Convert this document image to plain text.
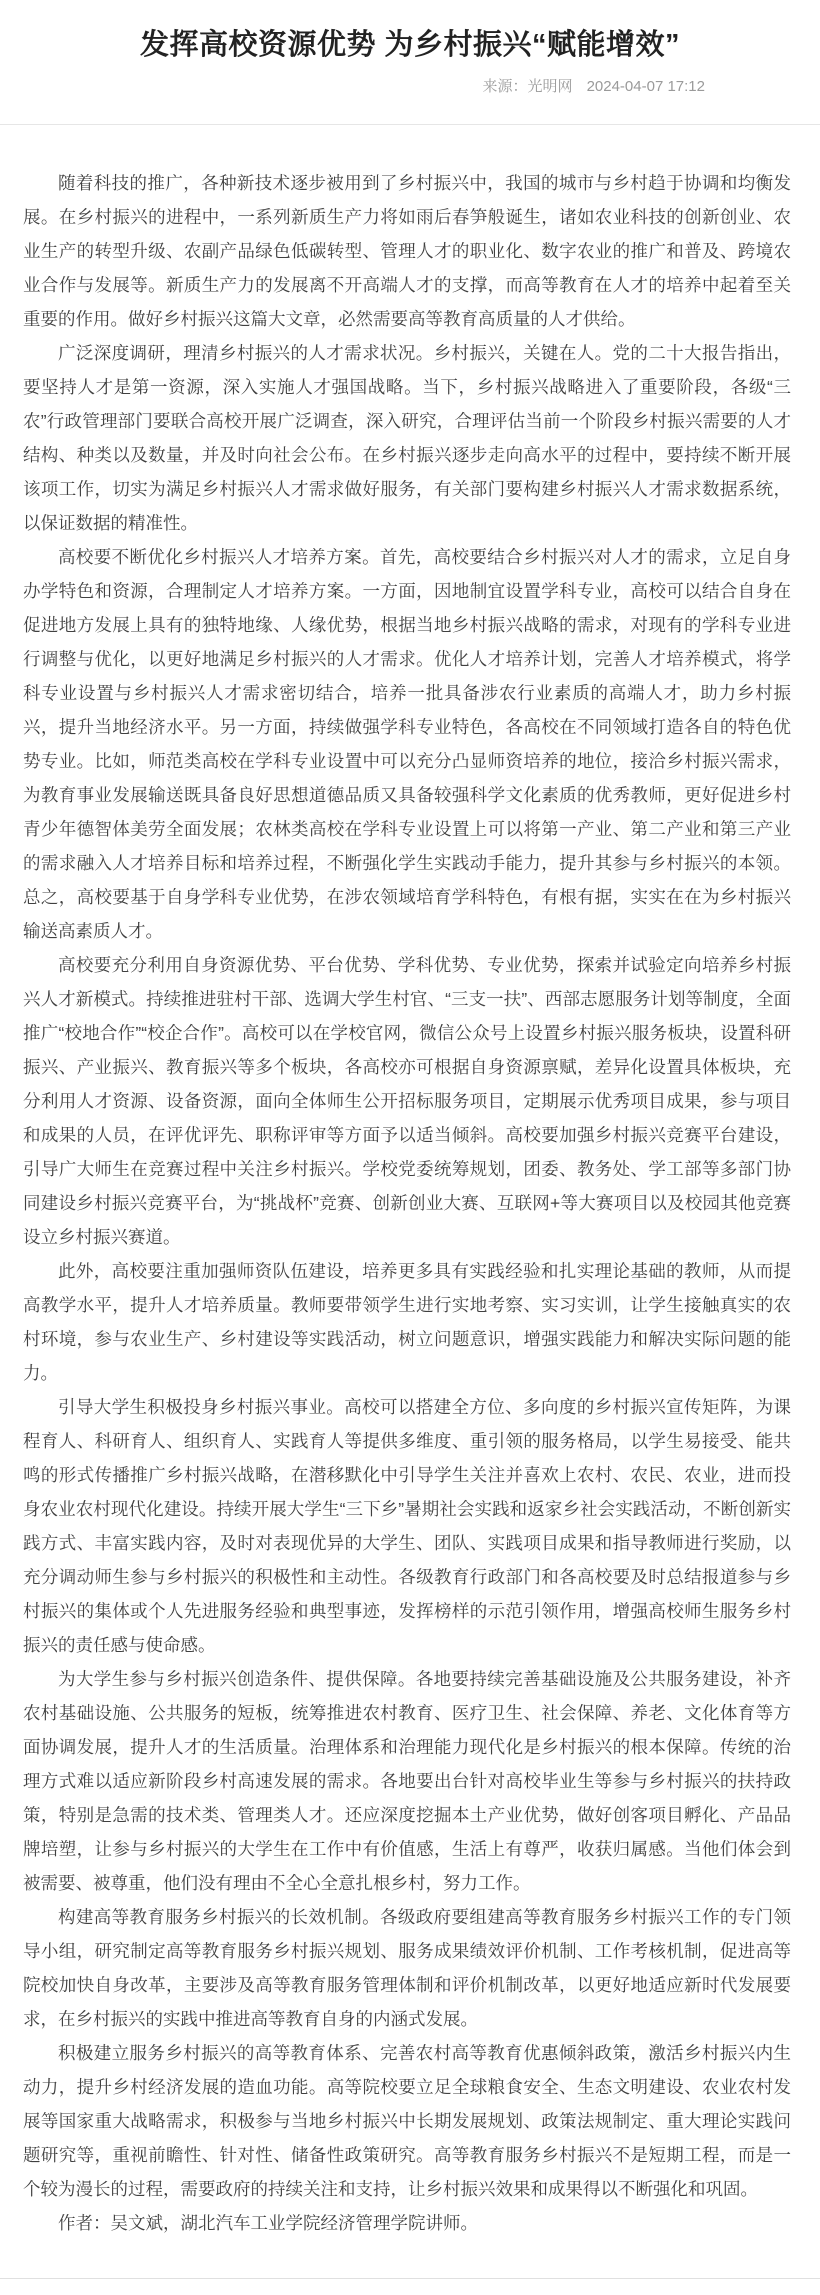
发挥高校资源优势 为乡村振兴“赋能增效”
来源：光明网 2024-04-07 17:12

随着科技的推广，各种新技术逐步被用到了乡村振兴中，我国的城市与乡村趋于协调和均衡发展。在乡村振兴的进程中，一系列新质生产力将如雨后春笋般诞生，诸如农业科技的创新创业、农业生产的转型升级、农副产品绿色低碳转型、管理人才的职业化、数字农业的推广和普及、跨境农业合作与发展等。新质生产力的发展离不开高端人才的支撑，而高等教育在人才的培养中起着至关重要的作用。做好乡村振兴这篇大文章，必然需要高等教育高质量的人才供给。

广泛深度调研，理清乡村振兴的人才需求状况。乡村振兴，关键在人。党的二十大报告指出，要坚持人才是第一资源，深入实施人才强国战略。当下，乡村振兴战略进入了重要阶段，各级“三农”行政管理部门要联合高校开展广泛调查，深入研究，合理评估当前一个阶段乡村振兴需要的人才结构、种类以及数量，并及时向社会公布。在乡村振兴逐步走向高水平的过程中，要持续不断开展该项工作，切实为满足乡村振兴人才需求做好服务，有关部门要构建乡村振兴人才需求数据系统，以保证数据的精准性。

高校要不断优化乡村振兴人才培养方案。首先，高校要结合乡村振兴对人才的需求，立足自身办学特色和资源，合理制定人才培养方案。一方面，因地制宜设置学科专业，高校可以结合自身在促进地方发展上具有的独特地缘、人缘优势，根据当地乡村振兴战略的需求，对现有的学科专业进行调整与优化，以更好地满足乡村振兴的人才需求。优化人才培养计划，完善人才培养模式，将学科专业设置与乡村振兴人才需求密切结合，培养一批具备涉农行业素质的高端人才，助力乡村振兴，提升当地经济水平。另一方面，持续做强学科专业特色，各高校在不同领域打造各自的特色优势专业。比如，师范类高校在学科专业设置中可以充分凸显师资培养的地位，接洽乡村振兴需求，为教育事业发展输送既具备良好思想道德品质又具备较强科学文化素质的优秀教师，更好促进乡村青少年德智体美劳全面发展；农林类高校在学科专业设置上可以将第一产业、第二产业和第三产业的需求融入人才培养目标和培养过程，不断强化学生实践动手能力，提升其参与乡村振兴的本领。总之，高校要基于自身学科专业优势，在涉农领域培育学科特色，有根有据，实实在在为乡村振兴输送高素质人才。

高校要充分利用自身资源优势、平台优势、学科优势、专业优势，探索并试验定向培养乡村振兴人才新模式。持续推进驻村干部、选调大学生村官、“三支一扶”、西部志愿服务计划等制度，全面推广“校地合作”“校企合作”。高校可以在学校官网，微信公众号上设置乡村振兴服务板块，设置科研振兴、产业振兴、教育振兴等多个板块，各高校亦可根据自身资源禀赋，差异化设置具体板块，充分利用人才资源、设备资源，面向全体师生公开招标服务项目，定期展示优秀项目成果，参与项目和成果的人员，在评优评先、职称评审等方面予以适当倾斜。高校要加强乡村振兴竞赛平台建设，引导广大师生在竞赛过程中关注乡村振兴。学校党委统筹规划，团委、教务处、学工部等多部门协同建设乡村振兴竞赛平台，为“挑战杯”竞赛、创新创业大赛、互联网+等大赛项目以及校园其他竞赛设立乡村振兴赛道。

此外，高校要注重加强师资队伍建设，培养更多具有实践经验和扎实理论基础的教师，从而提高教学水平，提升人才培养质量。教师要带领学生进行实地考察、实习实训，让学生接触真实的农村环境，参与农业生产、乡村建设等实践活动，树立问题意识，增强实践能力和解决实际问题的能力。

引导大学生积极投身乡村振兴事业。高校可以搭建全方位、多向度的乡村振兴宣传矩阵，为课程育人、科研育人、组织育人、实践育人等提供多维度、重引领的服务格局，以学生易接受、能共鸣的形式传播推广乡村振兴战略，在潜移默化中引导学生关注并喜欢上农村、农民、农业，进而投身农业农村现代化建设。持续开展大学生“三下乡”暑期社会实践和返家乡社会实践活动，不断创新实践方式、丰富实践内容，及时对表现优异的大学生、团队、实践项目成果和指导教师进行奖励，以充分调动师生参与乡村振兴的积极性和主动性。各级教育行政部门和各高校要及时总结报道参与乡村振兴的集体或个人先进服务经验和典型事迹，发挥榜样的示范引领作用，增强高校师生服务乡村振兴的责任感与使命感。

为大学生参与乡村振兴创造条件、提供保障。各地要持续完善基础设施及公共服务建设，补齐农村基础设施、公共服务的短板，统筹推进农村教育、医疗卫生、社会保障、养老、文化体育等方面协调发展，提升人才的生活质量。治理体系和治理能力现代化是乡村振兴的根本保障。传统的治理方式难以适应新阶段乡村高速发展的需求。各地要出台针对高校毕业生等参与乡村振兴的扶持政策，特别是急需的技术类、管理类人才。还应深度挖掘本土产业优势，做好创客项目孵化、产品品牌培塑，让参与乡村振兴的大学生在工作中有价值感，生活上有尊严，收获归属感。当他们体会到被需要、被尊重，他们没有理由不全心全意扎根乡村，努力工作。

构建高等教育服务乡村振兴的长效机制。各级政府要组建高等教育服务乡村振兴工作的专门领导小组，研究制定高等教育服务乡村振兴规划、服务成果绩效评价机制、工作考核机制，促进高等院校加快自身改革，主要涉及高等教育服务管理体制和评价机制改革，以更好地适应新时代发展要求，在乡村振兴的实践中推进高等教育自身的内涵式发展。

积极建立服务乡村振兴的高等教育体系、完善农村高等教育优惠倾斜政策，激活乡村振兴内生动力，提升乡村经济发展的造血功能。高等院校要立足全球粮食安全、生态文明建设、农业农村发展等国家重大战略需求，积极参与当地乡村振兴中长期发展规划、政策法规制定、重大理论实践问题研究等，重视前瞻性、针对性、储备性政策研究。高等教育服务乡村振兴不是短期工程，而是一个较为漫长的过程，需要政府的持续关注和支持，让乡村振兴效果和成果得以不断强化和巩固。

作者：吴文斌，湖北汽车工业学院经济管理学院讲师。
